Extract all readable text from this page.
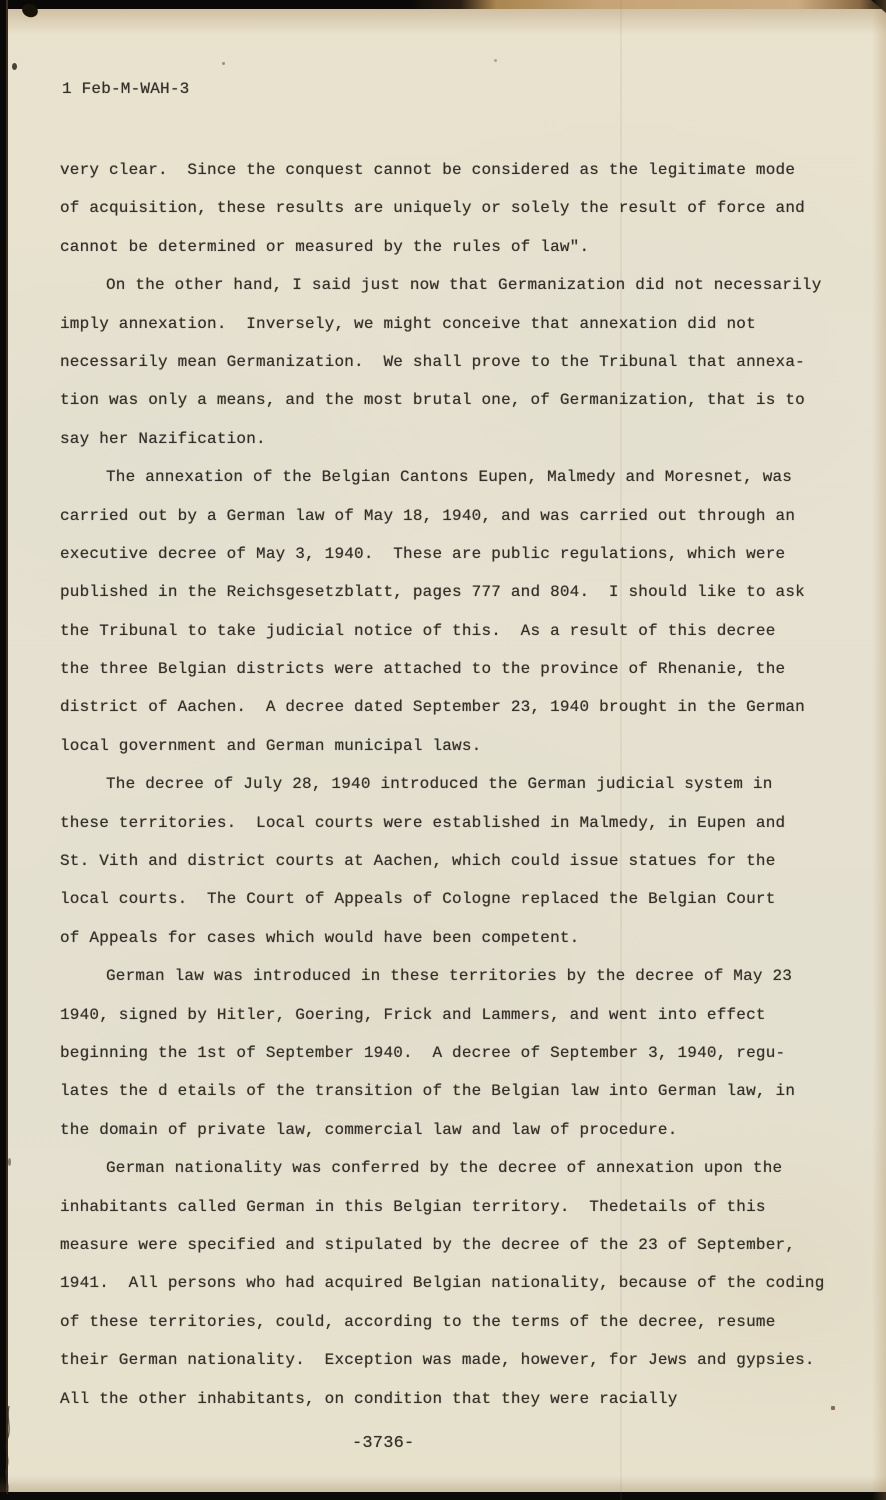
1 Feb-M-WAH-3
very clear.  Since the conquest cannot be considered as the legitimate mode
of acquisition, these results are uniquely or solely the result of force and
cannot be determined or measured by the rules of law".
On the other hand, I said just now that Germanization did not necessarily
imply annexation.  Inversely, we might conceive that annexation did not
necessarily mean Germanization.  We shall prove to the Tribunal that annexa-
tion was only a means, and the most brutal one, of Germanization, that is to
say her Nazification.
The annexation of the Belgian Cantons Eupen, Malmedy and Moresnet, was
carried out by a German law of May 18, 1940, and was carried out through an
executive decree of May 3, 1940.  These are public regulations, which were
published in the Reichsgesetzblatt, pages 777 and 804.  I should like to ask
the Tribunal to take judicial notice of this.  As a result of this decree
the three Belgian districts were attached to the province of Rhenanie, the
district of Aachen.  A decree dated September 23, 1940 brought in the German
local government and German municipal laws.
The decree of July 28, 1940 introduced the German judicial system in
these territories.  Local courts were established in Malmedy, in Eupen and
St. Vith and district courts at Aachen, which could issue statues for the
local courts.  The Court of Appeals of Cologne replaced the Belgian Court
of Appeals for cases which would have been competent.
German law was introduced in these territories by the decree of May 23
1940, signed by Hitler, Goering, Frick and Lammers, and went into effect
beginning the 1st of September 1940.  A decree of September 3, 1940, regu-
lates the d etails of the transition of the Belgian law into German law, in
the domain of private law, commercial law and law of procedure.
German nationality was conferred by the decree of annexation upon the
inhabitants called German in this Belgian territory.  Thedetails of this
measure were specified and stipulated by the decree of the 23 of September,
1941.  All persons who had acquired Belgian nationality, because of the coding
of these territories, could, according to the terms of the decree, resume
their German nationality.  Exception was made, however, for Jews and gypsies.
All the other inhabitants, on condition that they were racially
-3736-
